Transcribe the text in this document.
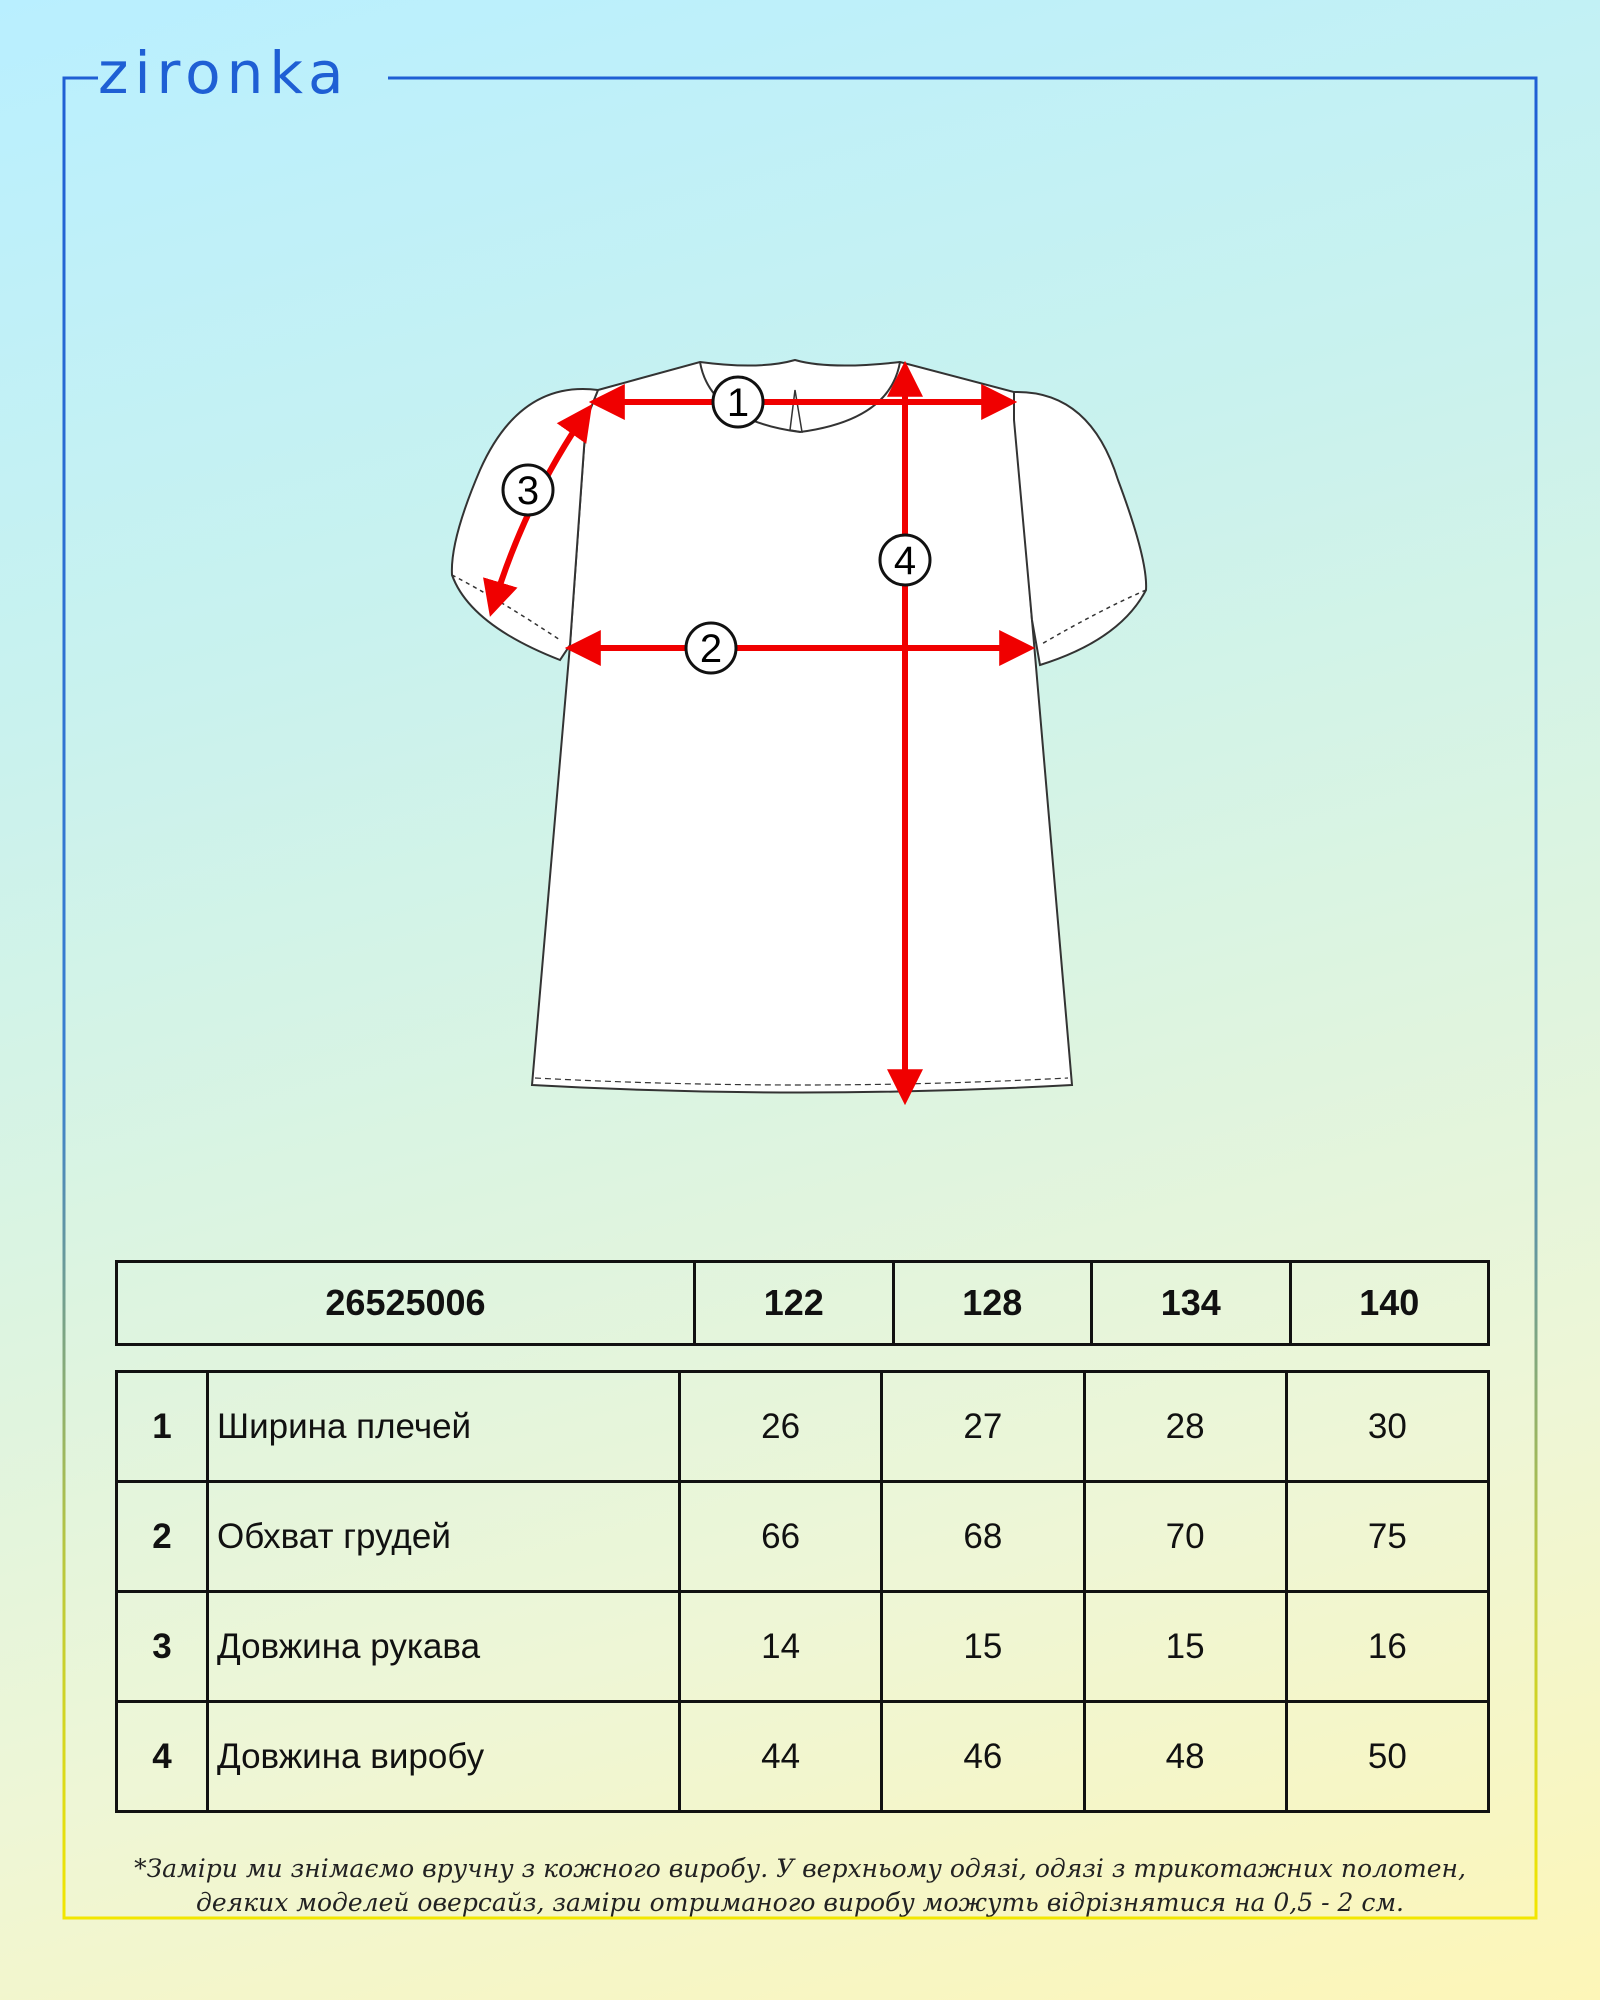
zironka
1
2
3
4
26525006	122	128	134	140
1	Ширина плечей	26	27	28	30
2	Обхват грудей	66	68	70	75
3	Довжина рукава	14	15	15	16
4	Довжина виробу	44	46	48	50
*Заміри ми знімаємо вручну з кожного виробу. У верхньому одязі, одязі з трикотажних полотен,
деяких моделей оверсайз, заміри отриманого виробу можуть відрізнятися на 0,5 - 2 см.
